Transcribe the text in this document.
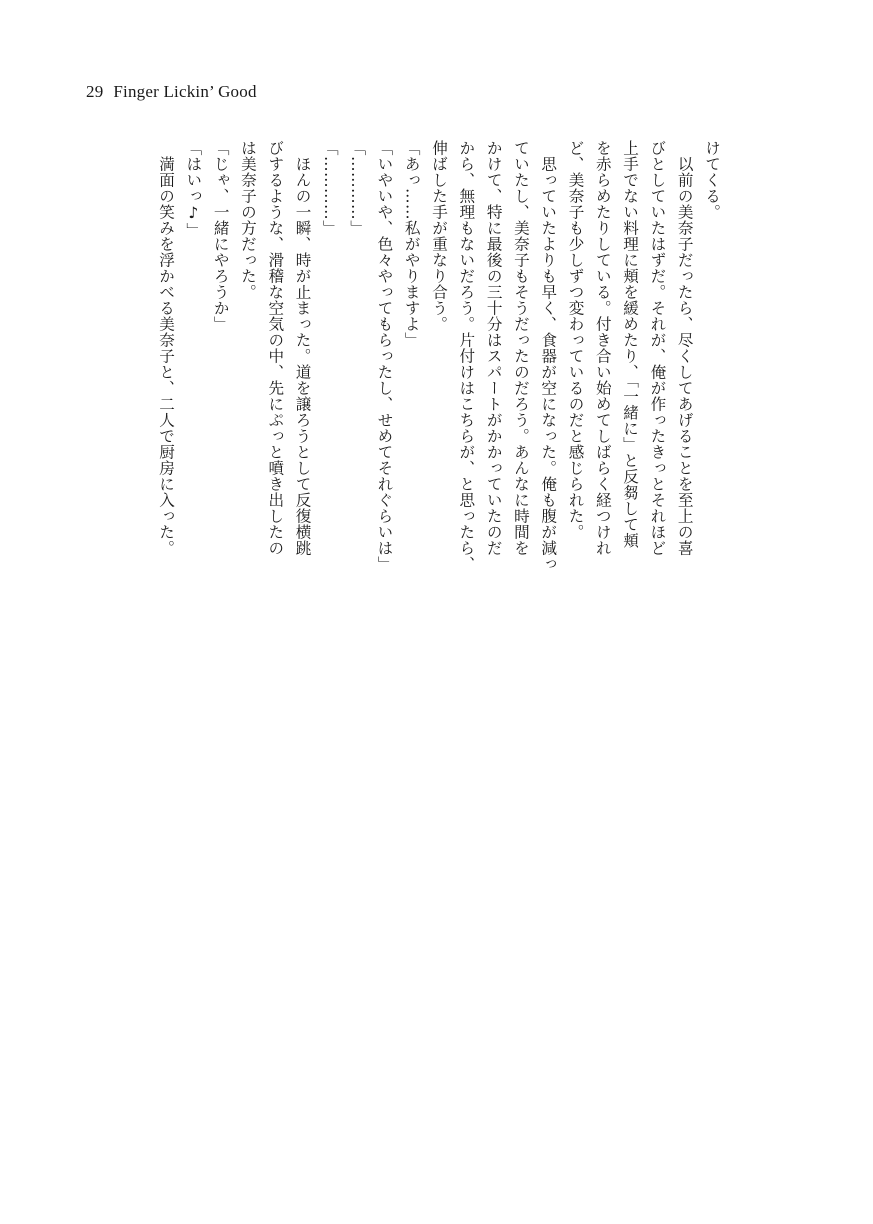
29 Finger Lickin’ Good

けてくる。

　以前の美奈子だったら、尽くしてあげることを至上の喜

びとしていたはずだ。それが、俺が作ったきっとそれほど

上手でない料理に頬を緩めたり、「一緒に」と反芻して頬

を赤らめたりしている。付き合い始めてしばらく経つけれ

ど、美奈子も少しずつ変わっているのだと感じられた。

　思っていたよりも早く、食器が空になった。俺も腹が減っ

ていたし、美奈子もそうだったのだろう。あんなに時間を

かけて、特に最後の三十分はスパートがかかっていたのだ

から、無理もないだろう。片付けはこちらが、と思ったら、

伸ばした手が重なり合う。

「あっ……私がやりますよ」

「いやいや、色々やってもらったし、せめてそれぐらいは」

「…………」

「…………」

　ほんの一瞬、時が止まった。道を譲ろうとして反復横跳

びするような、滑稽な空気の中、先にぷっと噴き出したの

は美奈子の方だった。

「じゃ、一緒にやろうか」

「はいっ♪」

　満面の笑みを浮かべる美奈子と、二人で厨房に入った。
